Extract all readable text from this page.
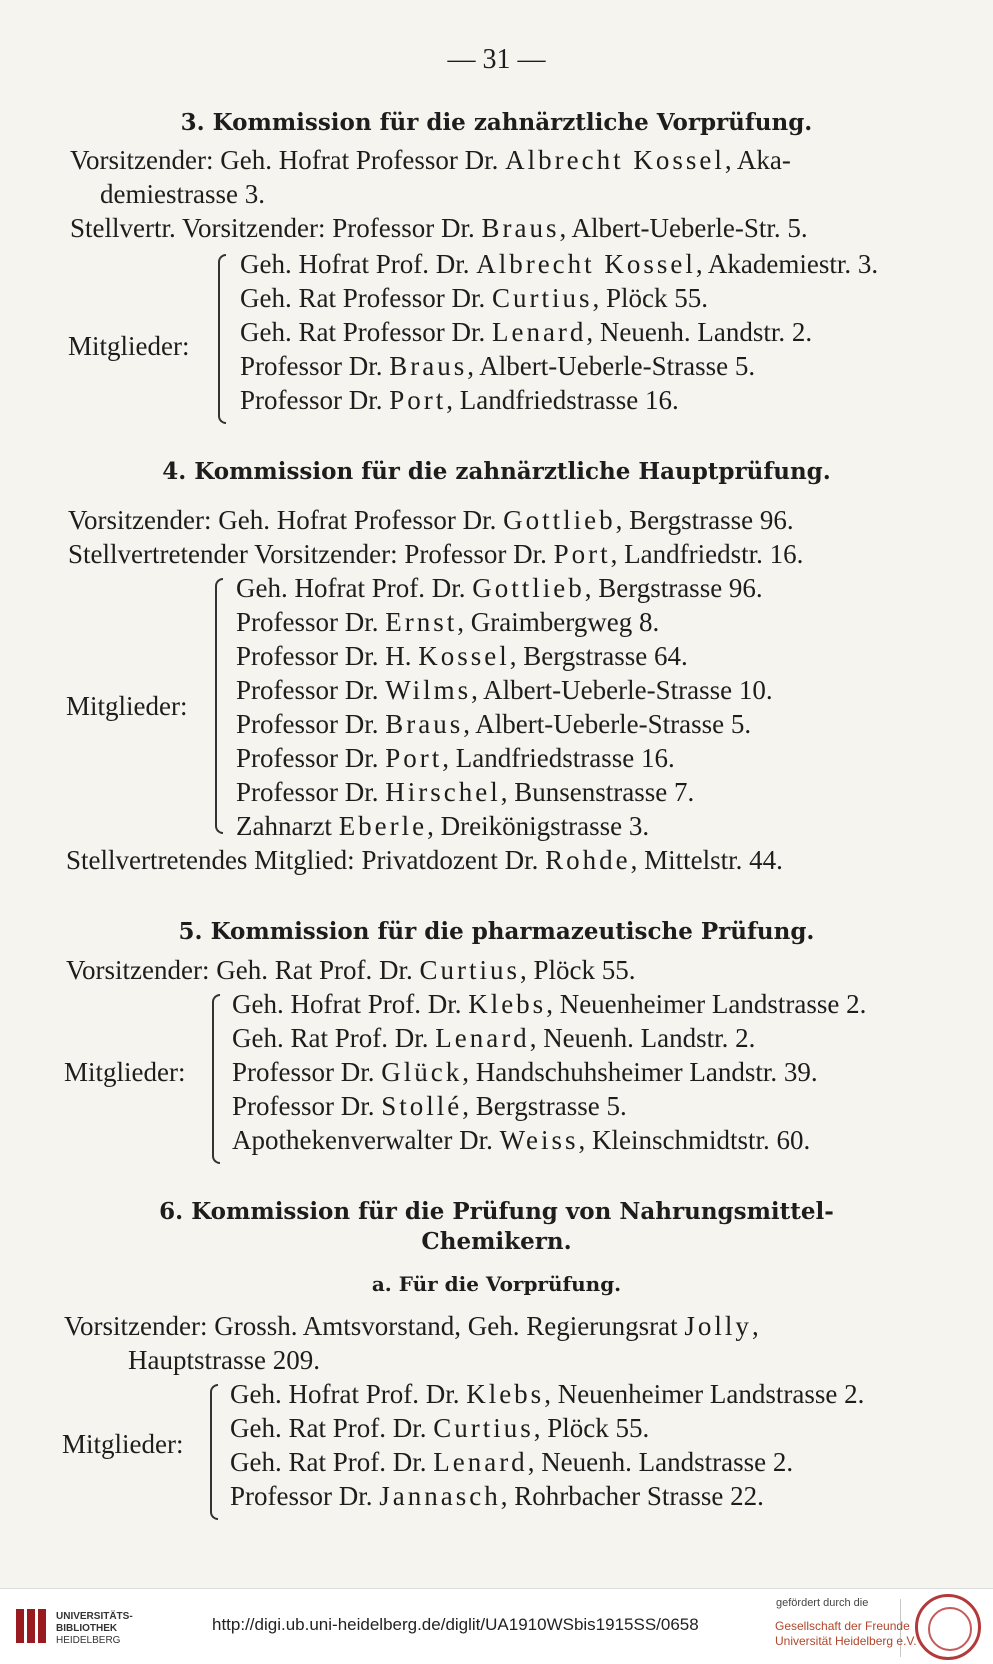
— 31 —
3. Kommission für die zahnärztliche Vorprüfung.
Vorsitzender: Geh. Hofrat Professor Dr. Albrecht Kossel, Aka-
demiestrasse 3.
Stellvertr. Vorsitzender: Professor Dr. Braus, Albert-Ueberle-Str. 5.
Mitglieder:
Geh. Hofrat Prof. Dr. Albrecht Kossel, Akademiestr. 3.
Geh. Rat Professor Dr. Curtius, Plöck 55.
Geh. Rat Professor Dr. Lenard, Neuenh. Landstr. 2.
Professor Dr. Braus, Albert-Ueberle-Strasse 5.
Professor Dr. Port, Landfriedstrasse 16.
4. Kommission für die zahnärztliche Hauptprüfung.
Vorsitzender: Geh. Hofrat Professor Dr. Gottlieb, Bergstrasse 96.
Stellvertretender Vorsitzender: Professor Dr. Port, Landfriedstr. 16.
Mitglieder:
Geh. Hofrat Prof. Dr. Gottlieb, Bergstrasse 96.
Professor Dr. Ernst, Graimbergweg 8.
Professor Dr. H. Kossel, Bergstrasse 64.
Professor Dr. Wilms, Albert-Ueberle-Strasse 10.
Professor Dr. Braus, Albert-Ueberle-Strasse 5.
Professor Dr. Port, Landfriedstrasse 16.
Professor Dr. Hirschel, Bunsenstrasse 7.
Zahnarzt Eberle, Dreikönigstrasse 3.
Stellvertretendes Mitglied: Privatdozent Dr. Rohde, Mittelstr. 44.
5. Kommission für die pharmazeutische Prüfung.
Vorsitzender: Geh. Rat Prof. Dr. Curtius, Plöck 55.
Mitglieder:
Geh. Hofrat Prof. Dr. Klebs, Neuenheimer Landstrasse 2.
Geh. Rat Prof. Dr. Lenard, Neuenh. Landstr. 2.
Professor Dr. Glück, Handschuhsheimer Landstr. 39.
Professor Dr. Stollé, Bergstrasse 5.
Apothekenverwalter Dr. Weiss, Kleinschmidtstr. 60.
6. Kommission für die Prüfung von Nahrungsmittel-
Chemikern.
a. Für die Vorprüfung.
Vorsitzender: Grossh. Amtsvorstand, Geh. Regierungsrat Jolly,
Hauptstrasse 209.
Mitglieder:
Geh. Hofrat Prof. Dr. Klebs, Neuenheimer Landstrasse 2.
Geh. Rat Prof. Dr. Curtius, Plöck 55.
Geh. Rat Prof. Dr. Lenard, Neuenh. Landstrasse 2.
Professor Dr. Jannasch, Rohrbacher Strasse 22.
UNIVERSITÄTS-
BIBLIOTHEK
HEIDELBERG
http://digi.ub.uni-heidelberg.de/diglit/UA1910WSbis1915SS/0658
gefördert durch die
Gesellschaft der Freunde
Universität Heidelberg e.V.
